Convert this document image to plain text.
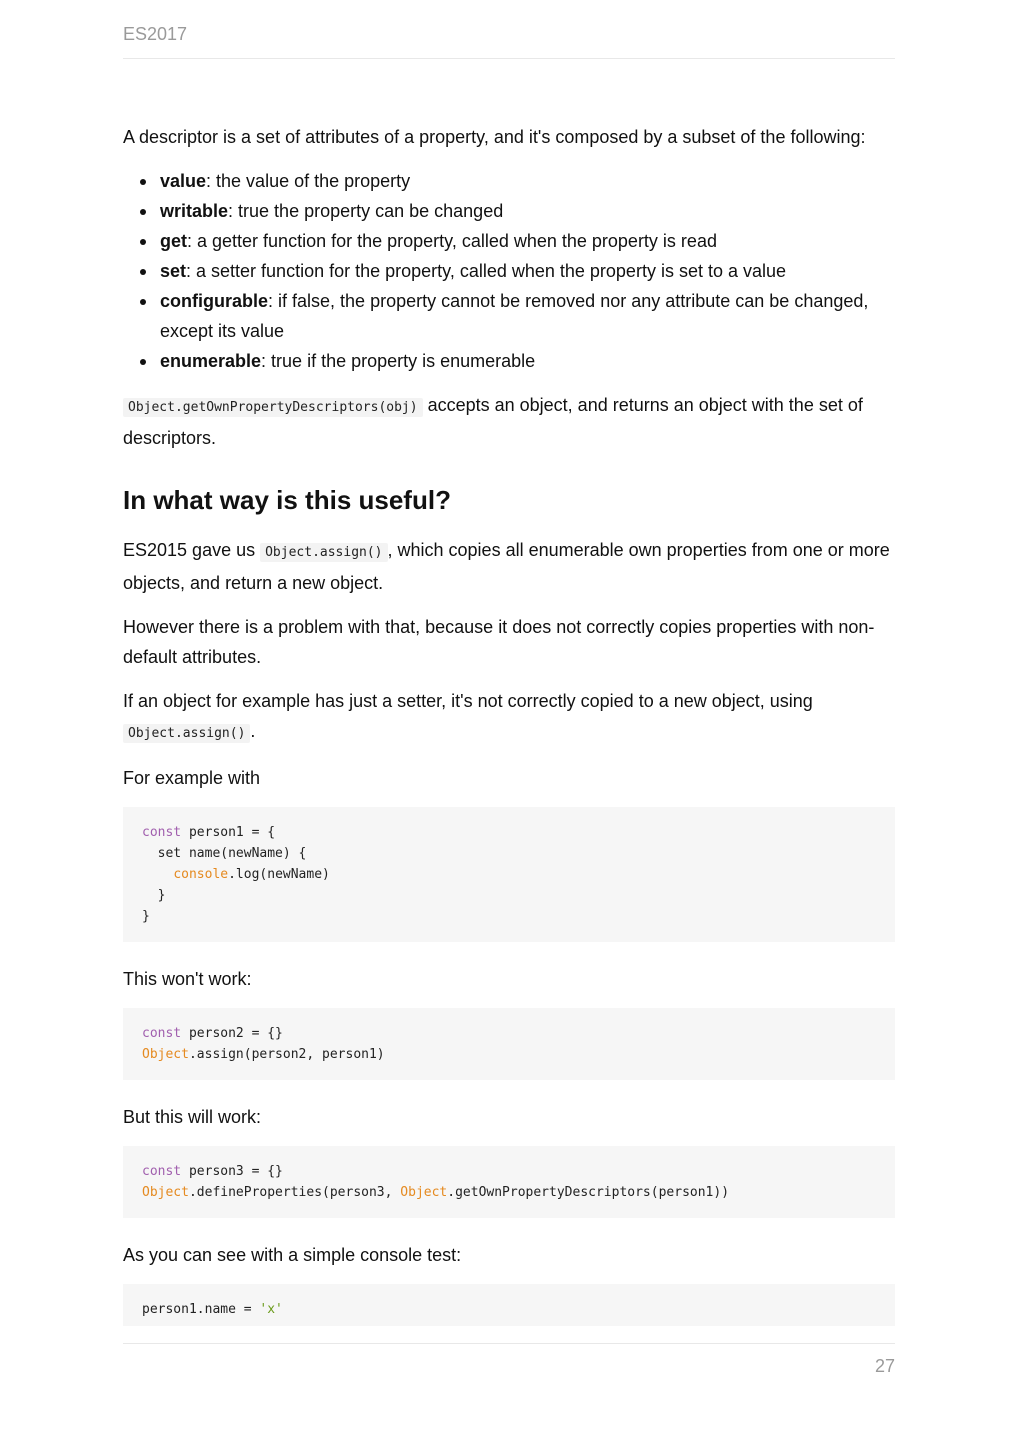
ES2017

A descriptor is a set of attributes of a property, and it's composed by a subset of the following:

value: the value of the property
writable: true the property can be changed
get: a getter function for the property, called when the property is read
set: a setter function for the property, called when the property is set to a value
configurable: if false, the property cannot be removed nor any attribute can be changed, except its value
enumerable: true if the property is enumerable

Object.getOwnPropertyDescriptors(obj) accepts an object, and returns an object with the set of descriptors.

In what way is this useful?

ES2015 gave us Object.assign() , which copies all enumerable own properties from one or more objects, and return a new object.

However there is a problem with that, because it does not correctly copies properties with non-default attributes.

If an object for example has just a setter, it's not correctly copied to a new object, using Object.assign() .

For example with

const person1 = {
set name(newName) {
console.log(newName)
}
}

This won't work:

const person2 = {}
Object.assign(person2, person1)

But this will work:

const person3 = {}
Object.defineProperties(person3, Object.getOwnPropertyDescriptors(person1))

As you can see with a simple console test:

person1.name = 'x'
27
